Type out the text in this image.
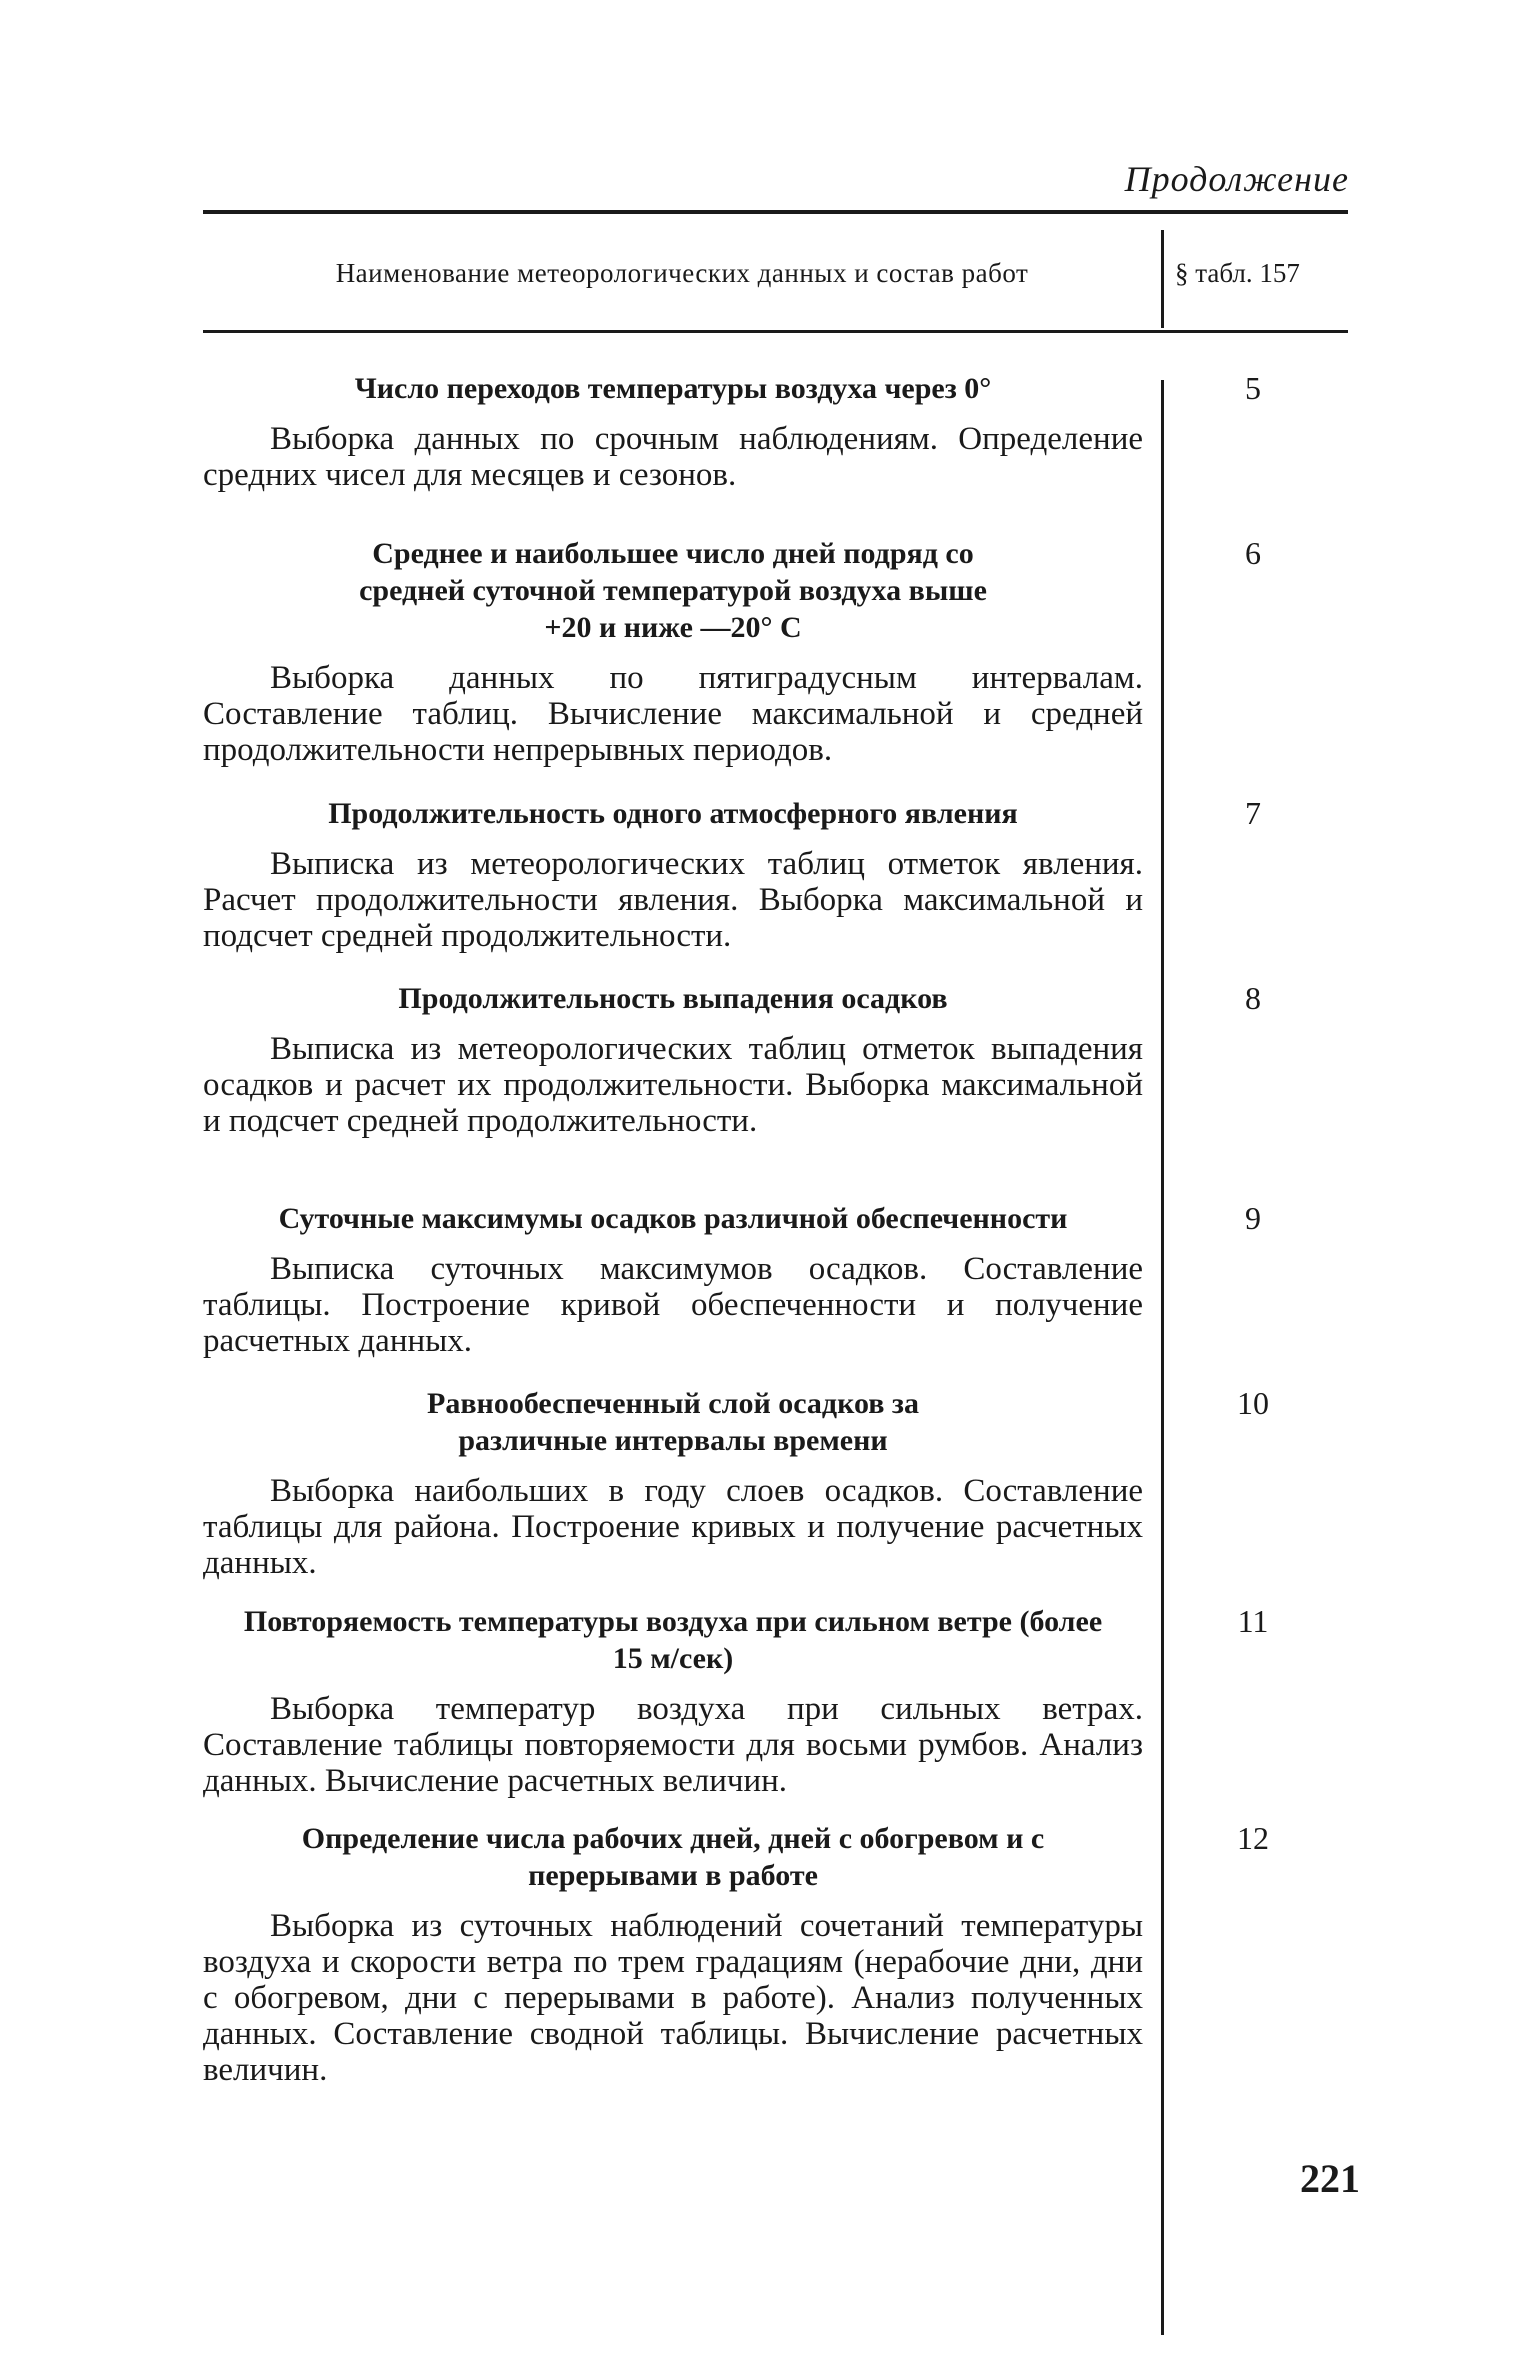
Продолжение
Наименование метеорологических данных и состав работ	§ табл. 157
Число переходов температуры воздуха через 0°
Выборка данных по срочным наблюдениям. Определение средних чисел для месяцев и сезонов.
5
Среднее и наибольшее число дней подряд со средней суточной температурой воздуха выше +20 и ниже —20° С
Выборка данных по пятиградусным интервалам. Составление таблиц. Вычисление максимальной и средней продолжительности непрерывных периодов.
6
Продолжительность одного атмосферного явления
Выписка из метеорологических таблиц отметок явления. Расчет продолжительности явления. Выборка максимальной и подсчет средней продолжительности.
7
Продолжительность выпадения осадков
Выписка из метеорологических таблиц отметок выпадения осадков и расчет их продолжительности. Выборка максимальной и подсчет средней продолжительности.
8
Суточные максимумы осадков различной обеспеченности
Выписка суточных максимумов осадков. Составление таблицы. Построение кривой обеспеченности и получение расчетных данных.
9
Равнообеспеченный слой осадков за различные интервалы времени
Выборка наибольших в году слоев осадков. Составление таблицы для района. Построение кривых и получение расчетных данных.
10
Повторяемость температуры воздуха при сильном ветре (более 15 м/сек)
Выборка температур воздуха при сильных ветрах. Составление таблицы повторяемости для восьми румбов. Анализ данных. Вычисление расчетных величин.
11
Определение числа рабочих дней, дней с обогревом и с перерывами в работе
Выборка из суточных наблюдений сочетаний температуры воздуха и скорости ветра по трем градациям (нерабочие дни, дни с обогревом, дни с перерывами в работе). Анализ полученных данных. Составление сводной таблицы. Вычисление расчетных величин.
12
221
